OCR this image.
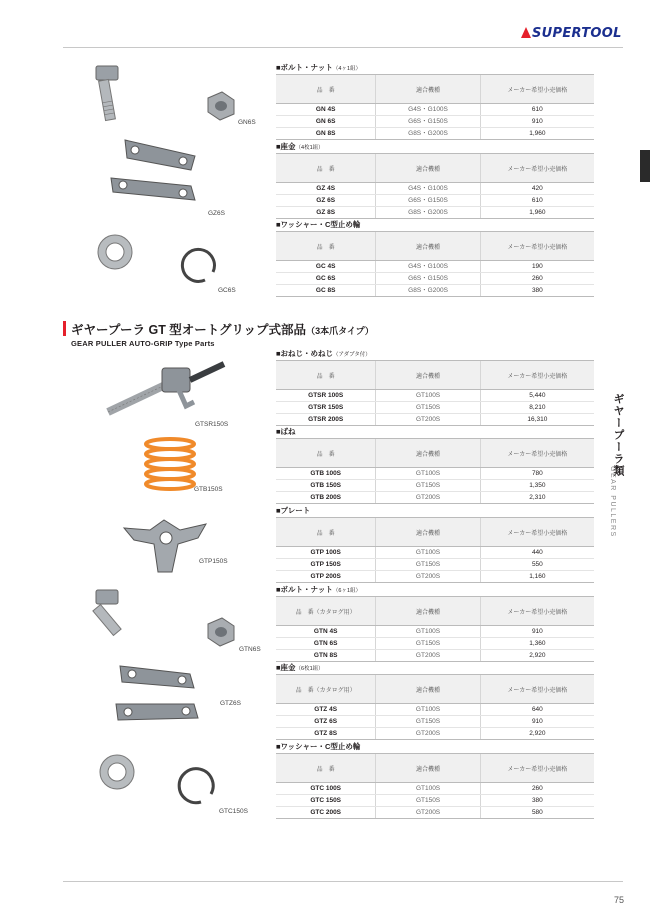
SUPERTOOL
ギヤープーラ類
GEAR PULLERS
ギヤープーラ GT 型オートグリップ式部品（3本爪タイプ）
GEAR PULLER AUTO-GRIP Type Parts
■ボルト・ナット（4ヶ1組）
品　番	適合機種	メーカー希望小売価格
GN 4S	G4S・G100S	610
GN 6S	G6S・G150S	910
GN 8S	G8S・G200S	1,960
■座金（4枚1組）
品　番	適合機種	メーカー希望小売価格
GZ 4S	G4S・G100S	420
GZ 6S	G6S・G150S	610
GZ 8S	G8S・G200S	1,960
■ワッシャー・C型止め輪
品　番	適合機種	メーカー希望小売価格
GC 4S	G4S・G100S	190
GC 6S	G6S・G150S	260
GC 8S	G8S・G200S	380
■おねじ・めねじ（アダプタ付）
品　番	適合機種	メーカー希望小売価格
GTSR 100S	GT100S	5,440
GTSR 150S	GT150S	8,210
GTSR 200S	GT200S	16,310
■ばね
品　番	適合機種	メーカー希望小売価格
GTB 100S	GT100S	780
GTB 150S	GT150S	1,350
GTB 200S	GT200S	2,310
■プレート
品　番	適合機種	メーカー希望小売価格
GTP 100S	GT100S	440
GTP 150S	GT150S	550
GTP 200S	GT200S	1,160
■ボルト・ナット（6ヶ1組）
品　番（カタログ用）	適合機種	メーカー希望小売価格
GTN 4S	GT100S	910
GTN 6S	GT150S	1,360
GTN 8S	GT200S	2,920
■座金（6枚1組）
品　番（カタログ用）	適合機種	メーカー希望小売価格
GTZ 4S	GT100S	640
GTZ 6S	GT150S	910
GTZ 8S	GT200S	2,920
■ワッシャー・C型止め輪
品　番	適合機種	メーカー希望小売価格
GTC 100S	GT100S	260
GTC 150S	GT150S	380
GTC 200S	GT200S	580
GN6S
GZ6S
GC6S
GTSR150S
GTB150S
GTP150S
GTN6S
GTZ6S
GTC150S
75
